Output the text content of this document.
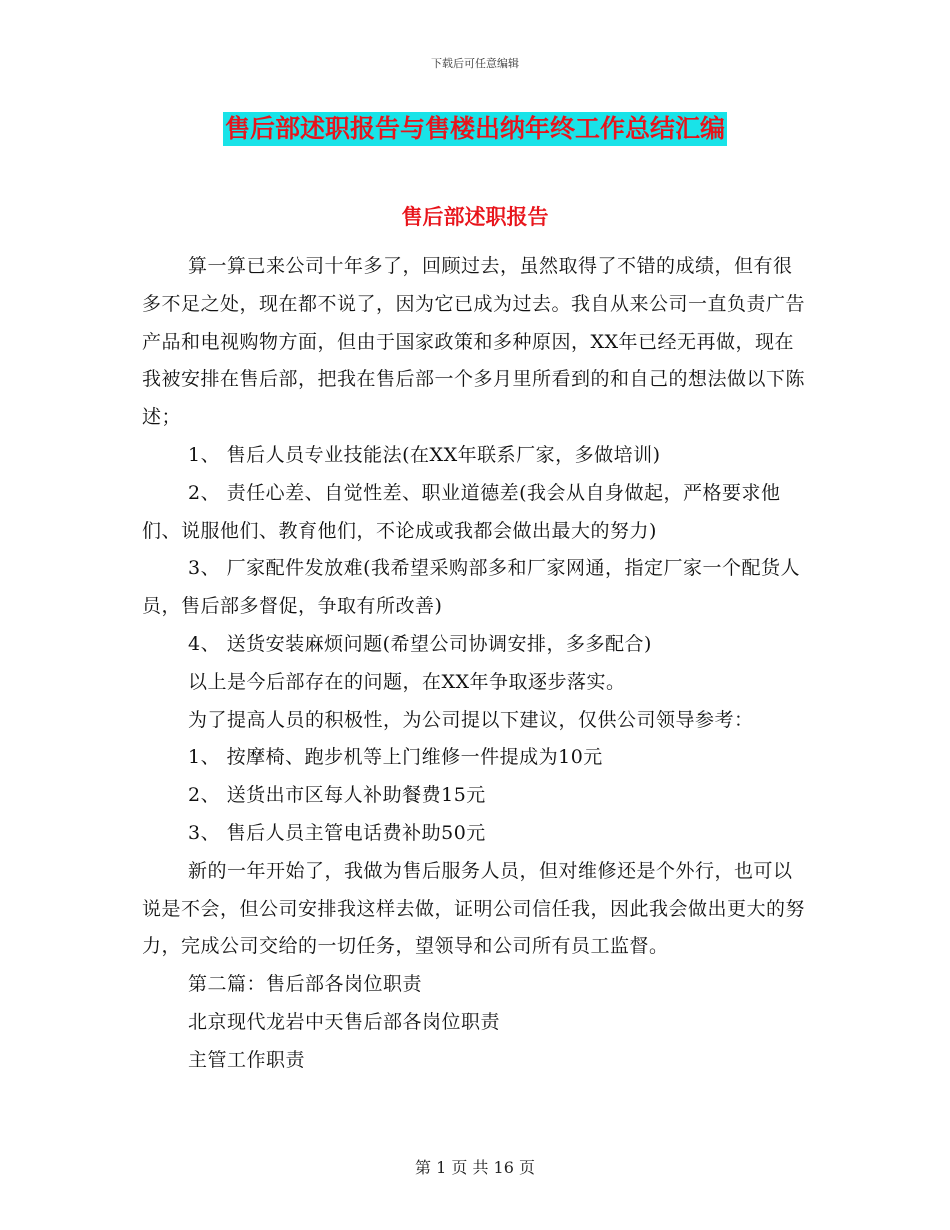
下载后可任意编辑
售后部述职报告与售楼出纳年终工作总结汇编
售后部述职报告

算一算已来公司十年多了，回顾过去，虽然取得了不错的成绩，但有很多不足之处，现在都不说了，因为它已成为过去。我自从来公司一直负责广告产品和电视购物方面，但由于国家政策和多种原因，XX年已经无再做，现在我被安排在售后部，把我在售后部一个多月里所看到的和自己的想法做以下陈述；

1、 售后人员专业技能法(在XX年联系厂家，多做培训)

2、 责任心差、自觉性差、职业道德差(我会从自身做起，严格要求他们、说服他们、教育他们，不论成或我都会做出最大的努力)

3、 厂家配件发放难(我希望采购部多和厂家网通，指定厂家一个配货人员，售后部多督促，争取有所改善)

4、 送货安装麻烦问题(希望公司协调安排，多多配合)

以上是今后部存在的问题，在XX年争取逐步落实。

为了提高人员的积极性，为公司提以下建议，仅供公司领导参考：

1、 按摩椅、跑步机等上门维修一件提成为10元

2、 送货出市区每人补助餐费15元

3、 售后人员主管电话费补助50元

新的一年开始了，我做为售后服务人员，但对维修还是个外行，也可以说是不会，但公司安排我这样去做，证明公司信任我，因此我会做出更大的努力，完成公司交给的一切任务，望领导和公司所有员工监督。

第二篇：售后部各岗位职责

北京现代龙岩中天售后部各岗位职责

主管工作职责

第 1 页 共 16 页
